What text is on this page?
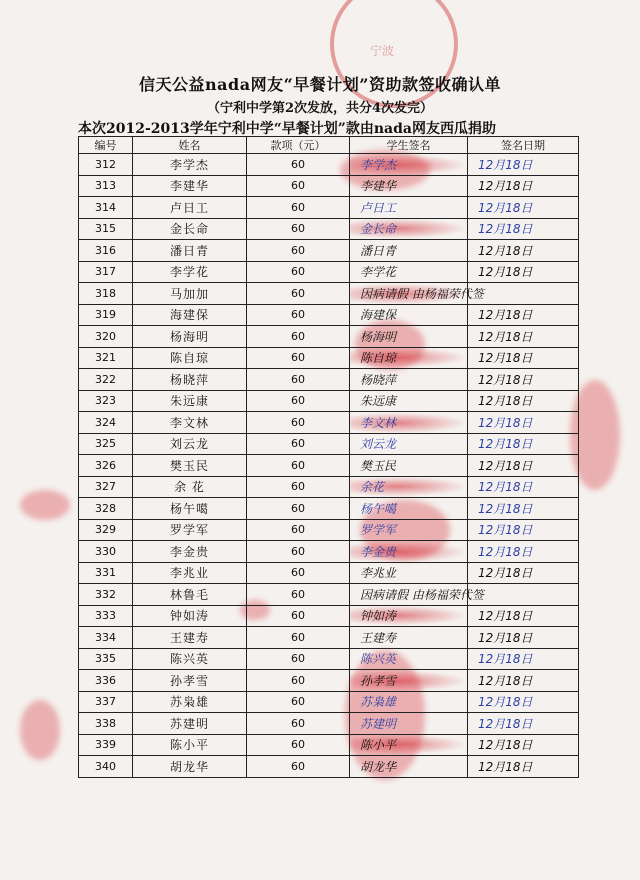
宁波
信天公益nada网友“早餐计划”资助款签收确认单
（宁利中学第2次发放，共分4次发完）
本次2012-2013学年宁利中学“早餐计划”款由nada网友西瓜捐助
编号	姓名	款项（元）	学生签名	签名日期
312	李学杰	60	李学杰	12月18日
313	李建华	60	李建华	12月18日
314	卢日工	60	卢日工	12月18日
315	金长命	60	金长命	12月18日
316	潘日青	60	潘日青	12月18日
317	李学花	60	李学花	12月18日
318	马加加	60	因病请假 由杨福荣代签	
319	海建保	60	海建保	12月18日
320	杨海明	60	杨海明	12月18日
321	陈自琼	60	陈自琼	12月18日
322	杨晓萍	60	杨晓萍	12月18日
323	朱远康	60	朱远康	12月18日
324	李文林	60	李文林	12月18日
325	刘云龙	60	刘云龙	12月18日
326	樊玉民	60	樊玉民	12月18日
327	余 花	60	余花	12月18日
328	杨午噶	60	杨午噶	12月18日
329	罗学军	60	罗学军	12月18日
330	李金贵	60	李金贵	12月18日
331	李兆业	60	李兆业	12月18日
332	林鲁毛	60	因病请假 由杨福荣代签	
333	钟如涛	60	钟如涛	12月18日
334	王建寿	60	王建寿	12月18日
335	陈兴英	60	陈兴英	12月18日
336	孙孝雪	60	孙孝雪	12月18日
337	苏枭雄	60	苏枭雄	12月18日
338	苏建明	60	苏建明	12月18日
339	陈小平	60	陈小平	12月18日
340	胡龙华	60	胡龙华	12月18日
